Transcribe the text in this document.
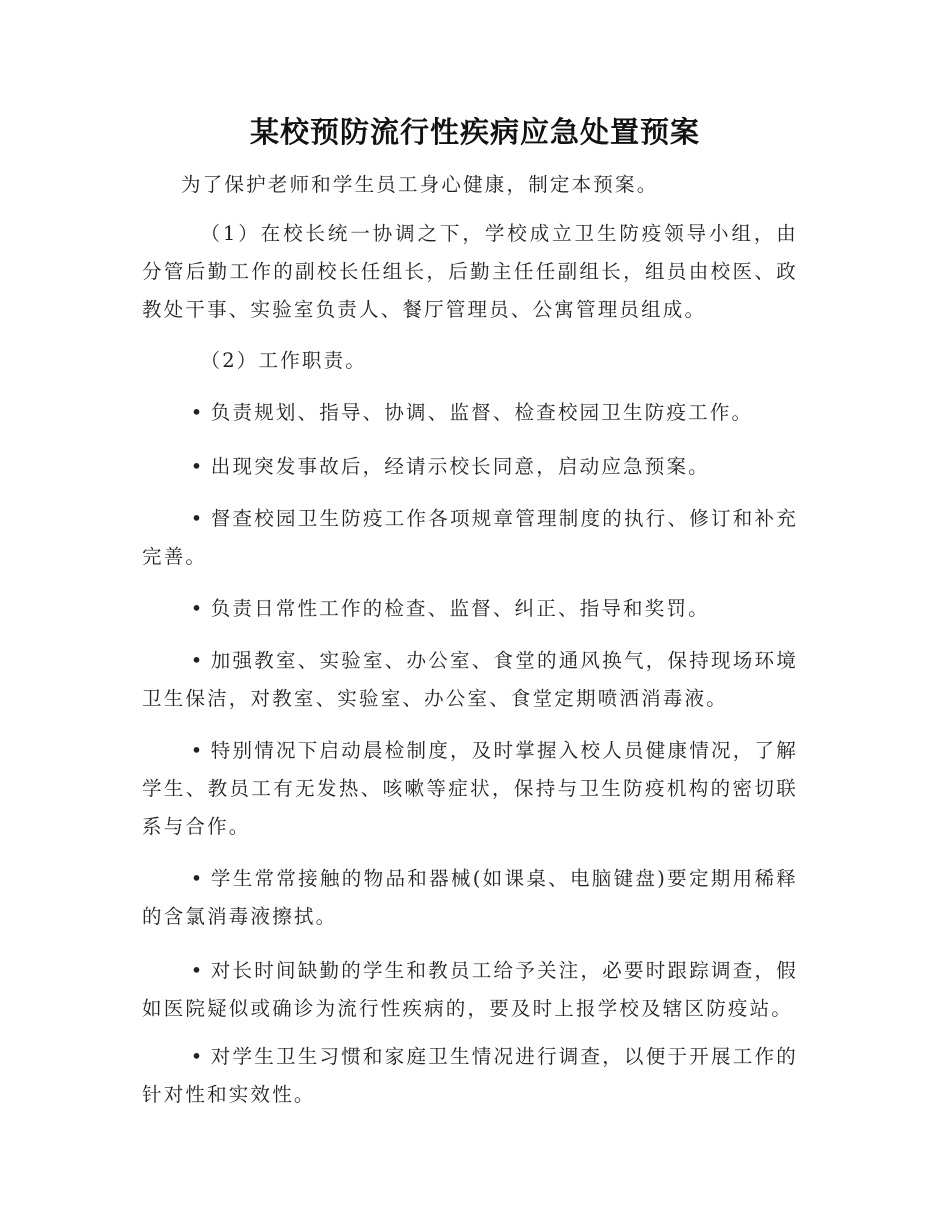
某校预防流行性疾病应急处置预案

为了保护老师和学生员工身心健康，制定本预案。

（1）在校长统一协调之下，学校成立卫生防疫领导小组，由分管后勤工作的副校长任组长，后勤主任任副组长，组员由校医、政教处干事、实验室负责人、餐厅管理员、公寓管理员组成。

（2）工作职责。

• 负责规划、指导、协调、监督、检查校园卫生防疫工作。

• 出现突发事故后，经请示校长同意，启动应急预案。

• 督查校园卫生防疫工作各项规章管理制度的执行、修订和补充完善。

• 负责日常性工作的检查、监督、纠正、指导和奖罚。

• 加强教室、实验室、办公室、食堂的通风换气，保持现场环境卫生保洁，对教室、实验室、办公室、食堂定期喷洒消毒液。

• 特别情况下启动晨检制度，及时掌握入校人员健康情况，了解学生、教员工有无发热、咳嗽等症状，保持与卫生防疫机构的密切联系与合作。

• 学生常常接触的物品和器械(如课桌、电脑键盘)要定期用稀释的含氯消毒液擦拭。

• 对长时间缺勤的学生和教员工给予关注，必要时跟踪调查，假如医院疑似或确诊为流行性疾病的，要及时上报学校及辖区防疫站。

• 对学生卫生习惯和家庭卫生情况进行调查，以便于开展工作的针对性和实效性。
